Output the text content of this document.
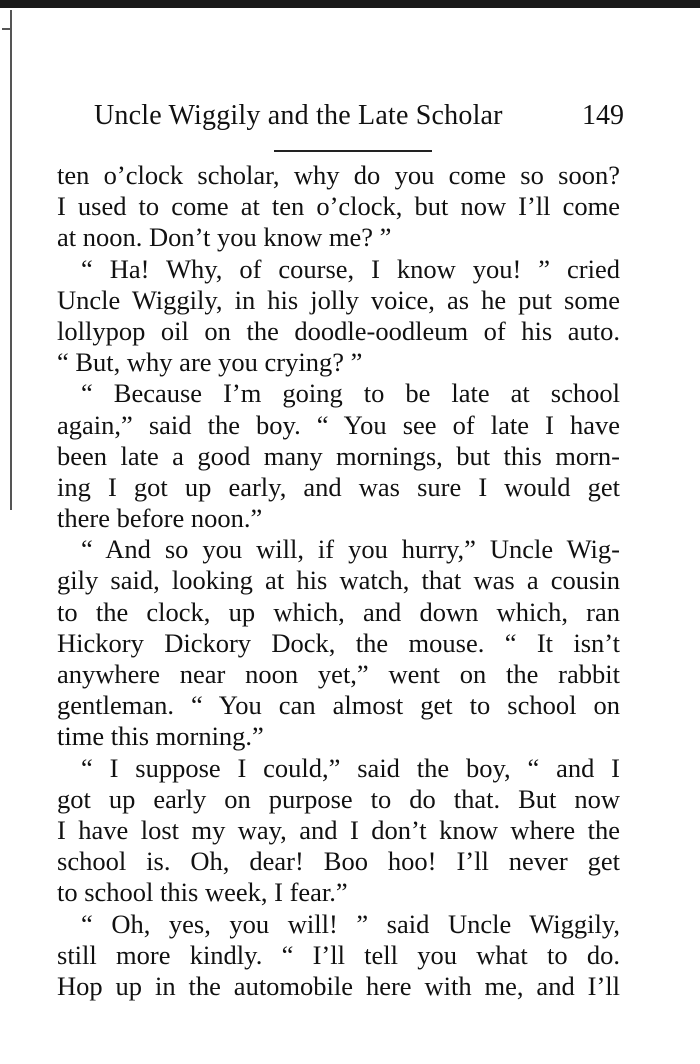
Uncle Wiggily and the Late Scholar	149
ten o’clock scholar, why do you come so soon?
I used to come at ten o’clock, but now I’ll come
at noon. Don’t you know me? ”
“ Ha! Why, of course, I know you! ” cried
Uncle Wiggily, in his jolly voice, as he put some
lollypop oil on the doodle-oodleum of his auto.
“ But, why are you crying? ”
“ Because I’m going to be late at school
again,” said the boy. “ You see of late I have
been late a good many mornings, but this morn-
ing I got up early, and was sure I would get
there before noon.”
“ And so you will, if you hurry,” Uncle Wig-
gily said, looking at his watch, that was a cousin
to the clock, up which, and down which, ran
Hickory Dickory Dock, the mouse. “ It isn’t
anywhere near noon yet,” went on the rabbit
gentleman. “ You can almost get to school on
time this morning.”
“ I suppose I could,” said the boy, “ and I
got up early on purpose to do that. But now
I have lost my way, and I don’t know where the
school is. Oh, dear! Boo hoo! I’ll never get
to school this week, I fear.”
“ Oh, yes, you will! ” said Uncle Wiggily,
still more kindly. “ I’ll tell you what to do.
Hop up in the automobile here with me, and I’ll
